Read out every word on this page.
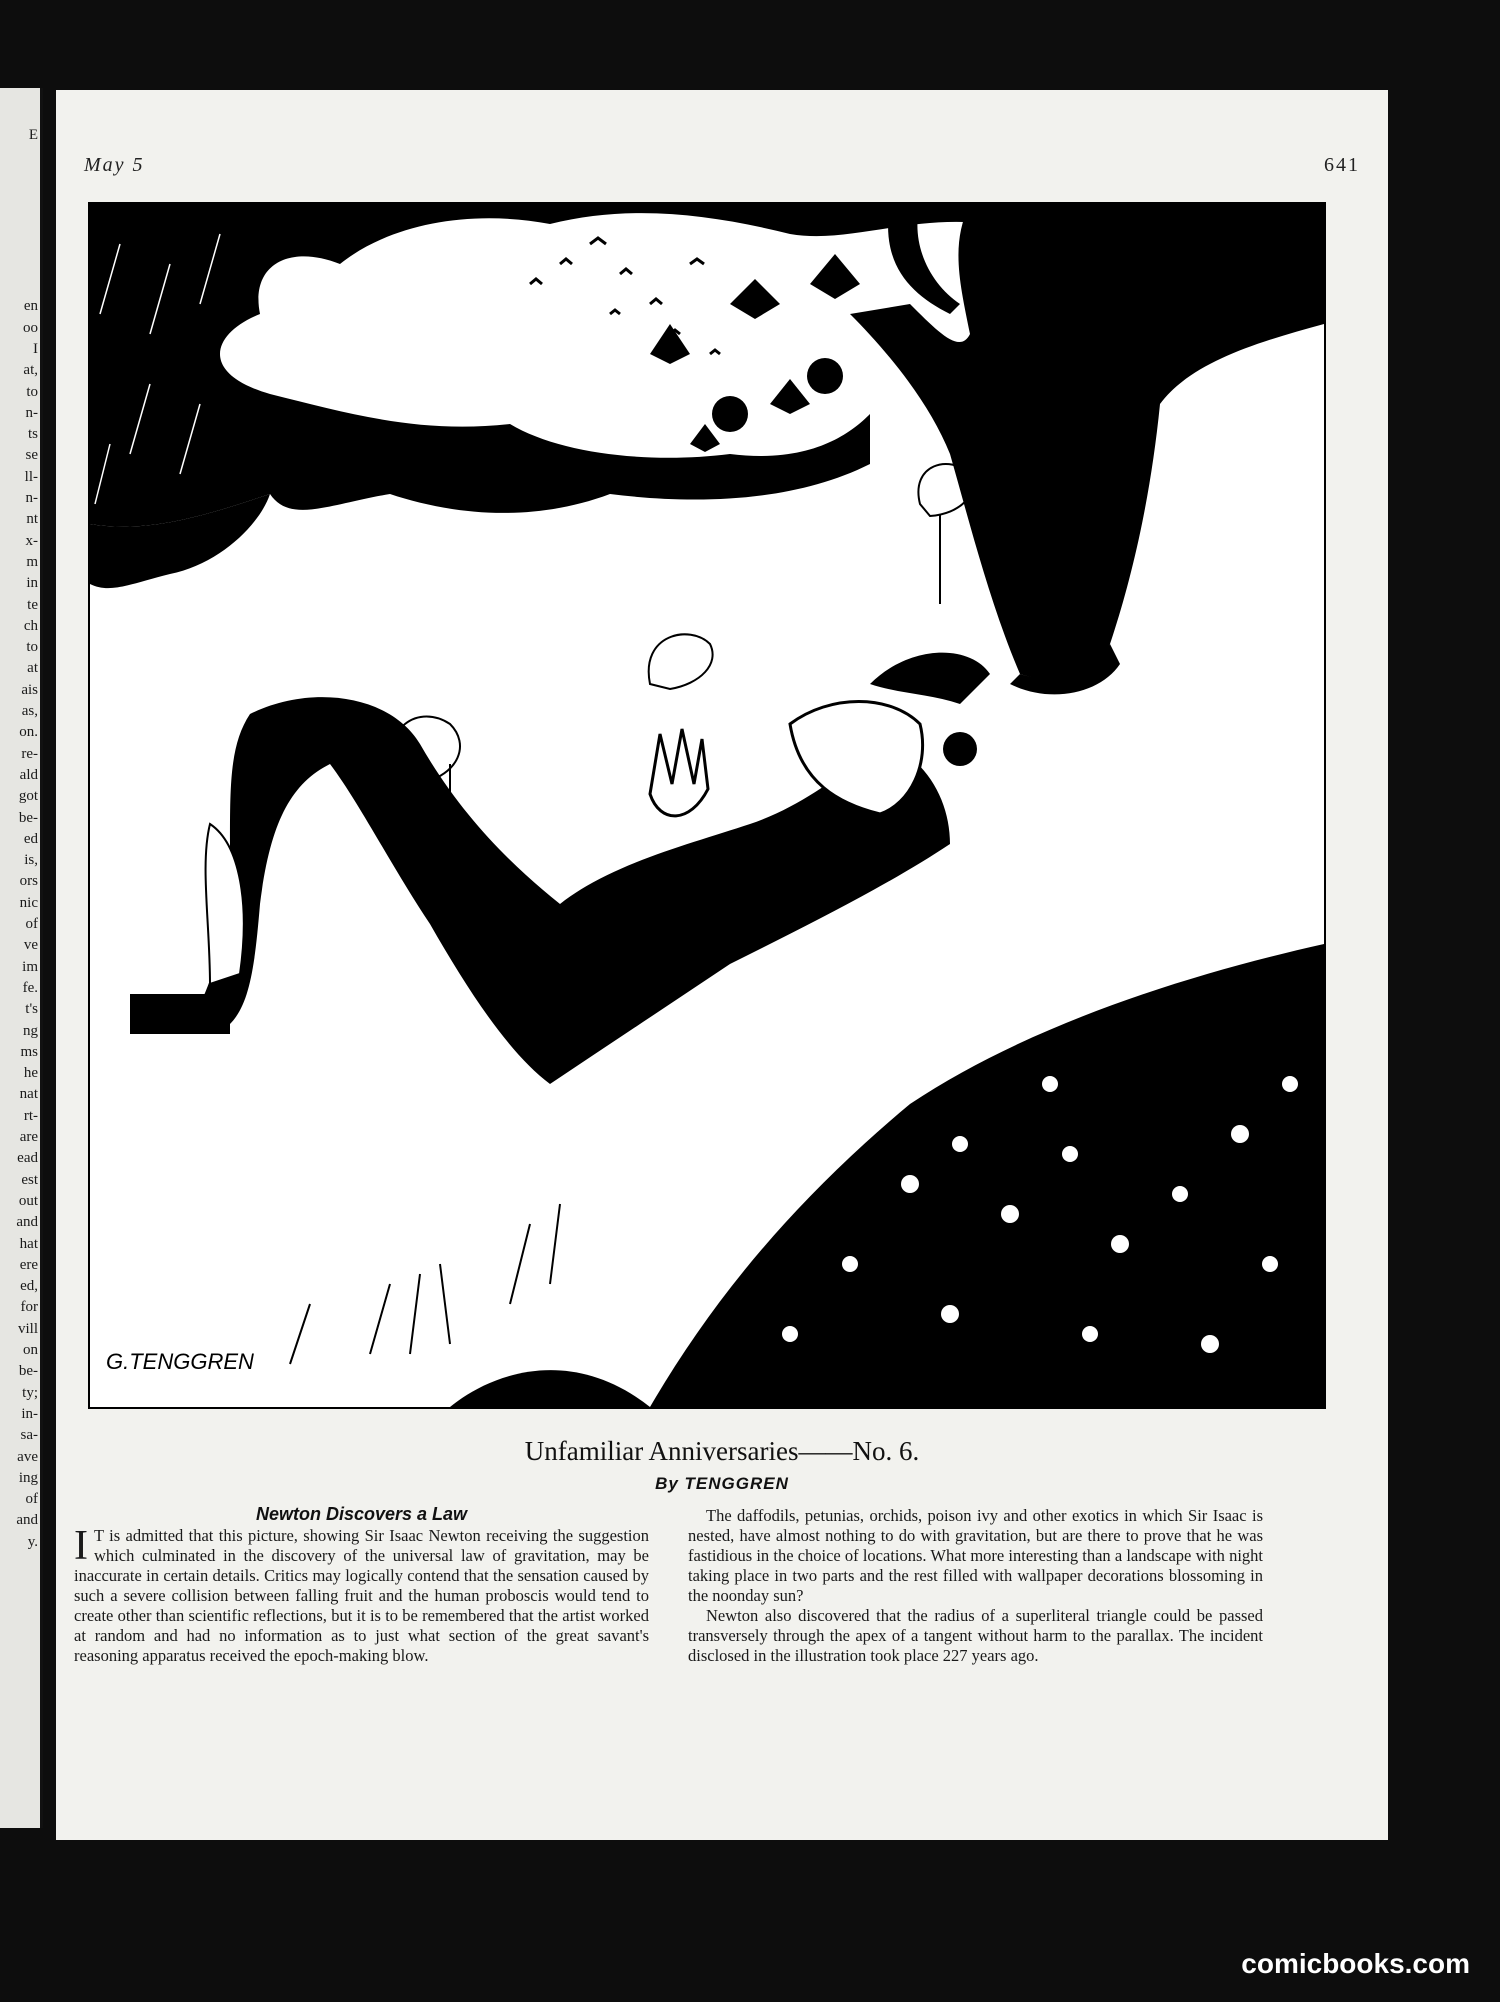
E
en
oo
I
at,
to
n-
ts
se
ll-
n-
nt
x-
m
in
te
ch
to
at
ais
as,
on.
re-
ald
got
be-
ed
is,
ors
nic
of
ve
im
fe.
t's
ng
ms
he
nat
rt-
are
ead
est
out
and
hat
ere
ed,
for
vill
on
be-
ty;
in-
sa-
ave
ing
of
and
y.
May 5	641
G.TENGGREN
Unfamiliar Anniversaries——No. 6.
By TENGGREN
Newton Discovers a Law

I T is admitted that this picture, showing Sir Isaac Newton receiving the suggestion which culminated in the discovery of the universal law of gravitation, may be inaccurate in certain details. Critics may logically contend that the sensation caused by such a severe collision between falling fruit and the human proboscis would tend to create other than scientific reflections, but it is to be remembered that the artist worked at random and had no information as to just what section of the great savant's reasoning apparatus received the epoch-making blow.

The daffodils, petunias, orchids, poison ivy and other exotics in which Sir Isaac is nested, have almost nothing to do with gravitation, but are there to prove that he was fastidious in the choice of locations. What more interesting than a landscape with night taking place in two parts and the rest filled with wallpaper decorations blossoming in the noonday sun?

Newton also discovered that the radius of a superliteral triangle could be passed transversely through the apex of a tangent without harm to the parallax. The incident disclosed in the illustration took place 227 years ago.

comicbooks.com
